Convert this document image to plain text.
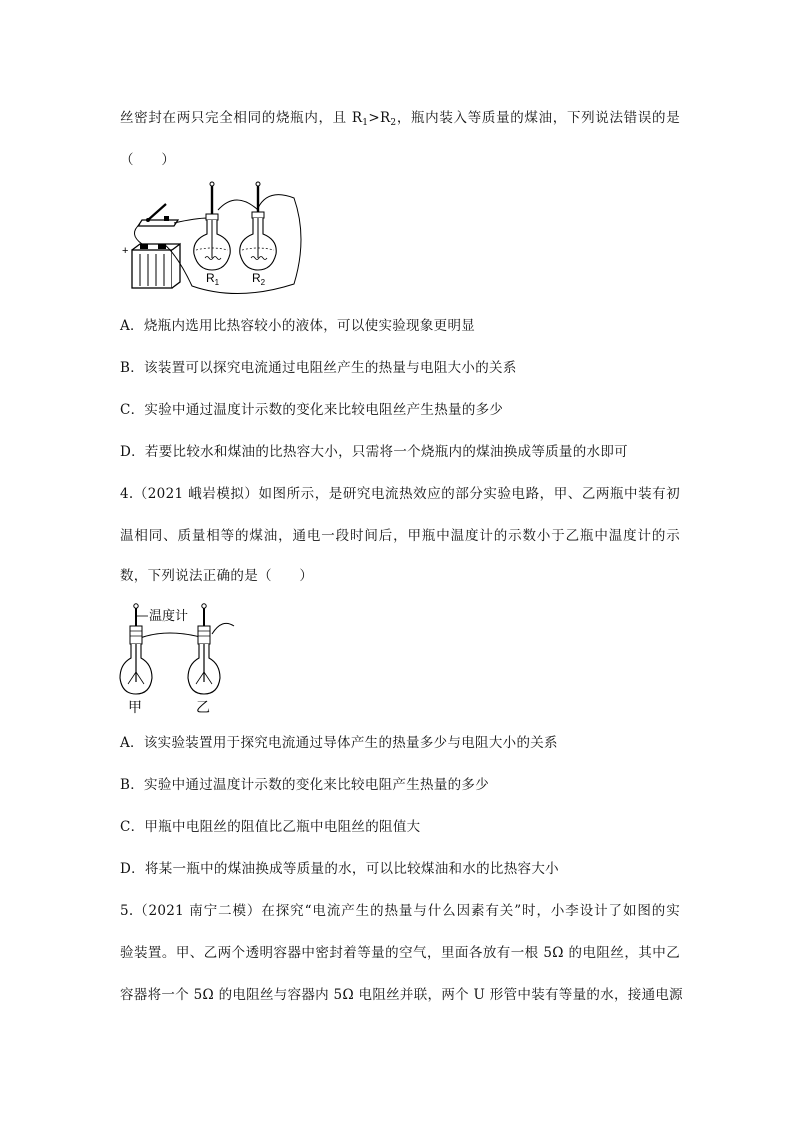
丝密封在两只完全相同的烧瓶内，且 $R_1>R_2$，瓶内装入等质量的煤油，下列说法错误的是
（　　）
+
$R_1$	$R_2$
A．烧瓶内选用比热容较小的液体，可以使实验现象更明显
B．该装置可以探究电流通过电阻丝产生的热量与电阻大小的关系
C．实验中通过温度计示数的变化来比较电阻丝产生热量的多少
D．若要比较水和煤油的比热容大小，只需将一个烧瓶内的煤油换成等质量的水即可
4.（2021 峨岩模拟）如图所示，是研究电流热效应的部分实验电路，甲、乙两瓶中装有初
温相同、质量相等的煤油，通电一段时间后，甲瓶中温度计的示数小于乙瓶中温度计的示
数，下列说法正确的是（　　）
温度计
甲	乙
A．该实验装置用于探究电流通过导体产生的热量多少与电阻大小的关系
B．实验中通过温度计示数的变化来比较电阻产生热量的多少
C．甲瓶中电阻丝的阻值比乙瓶中电阻丝的阻值大
D．将某一瓶中的煤油换成等质量的水，可以比较煤油和水的比热容大小
5.（2021 南宁二模）在探究“电流产生的热量与什么因素有关”时，小李设计了如图的实
验装置。甲、乙两个透明容器中密封着等量的空气，里面各放有一根 5Ω 的电阻丝，其中乙
容器将一个 5Ω 的电阻丝与容器内 5Ω 电阻丝并联，两个 U 形管中装有等量的水，接通电源
